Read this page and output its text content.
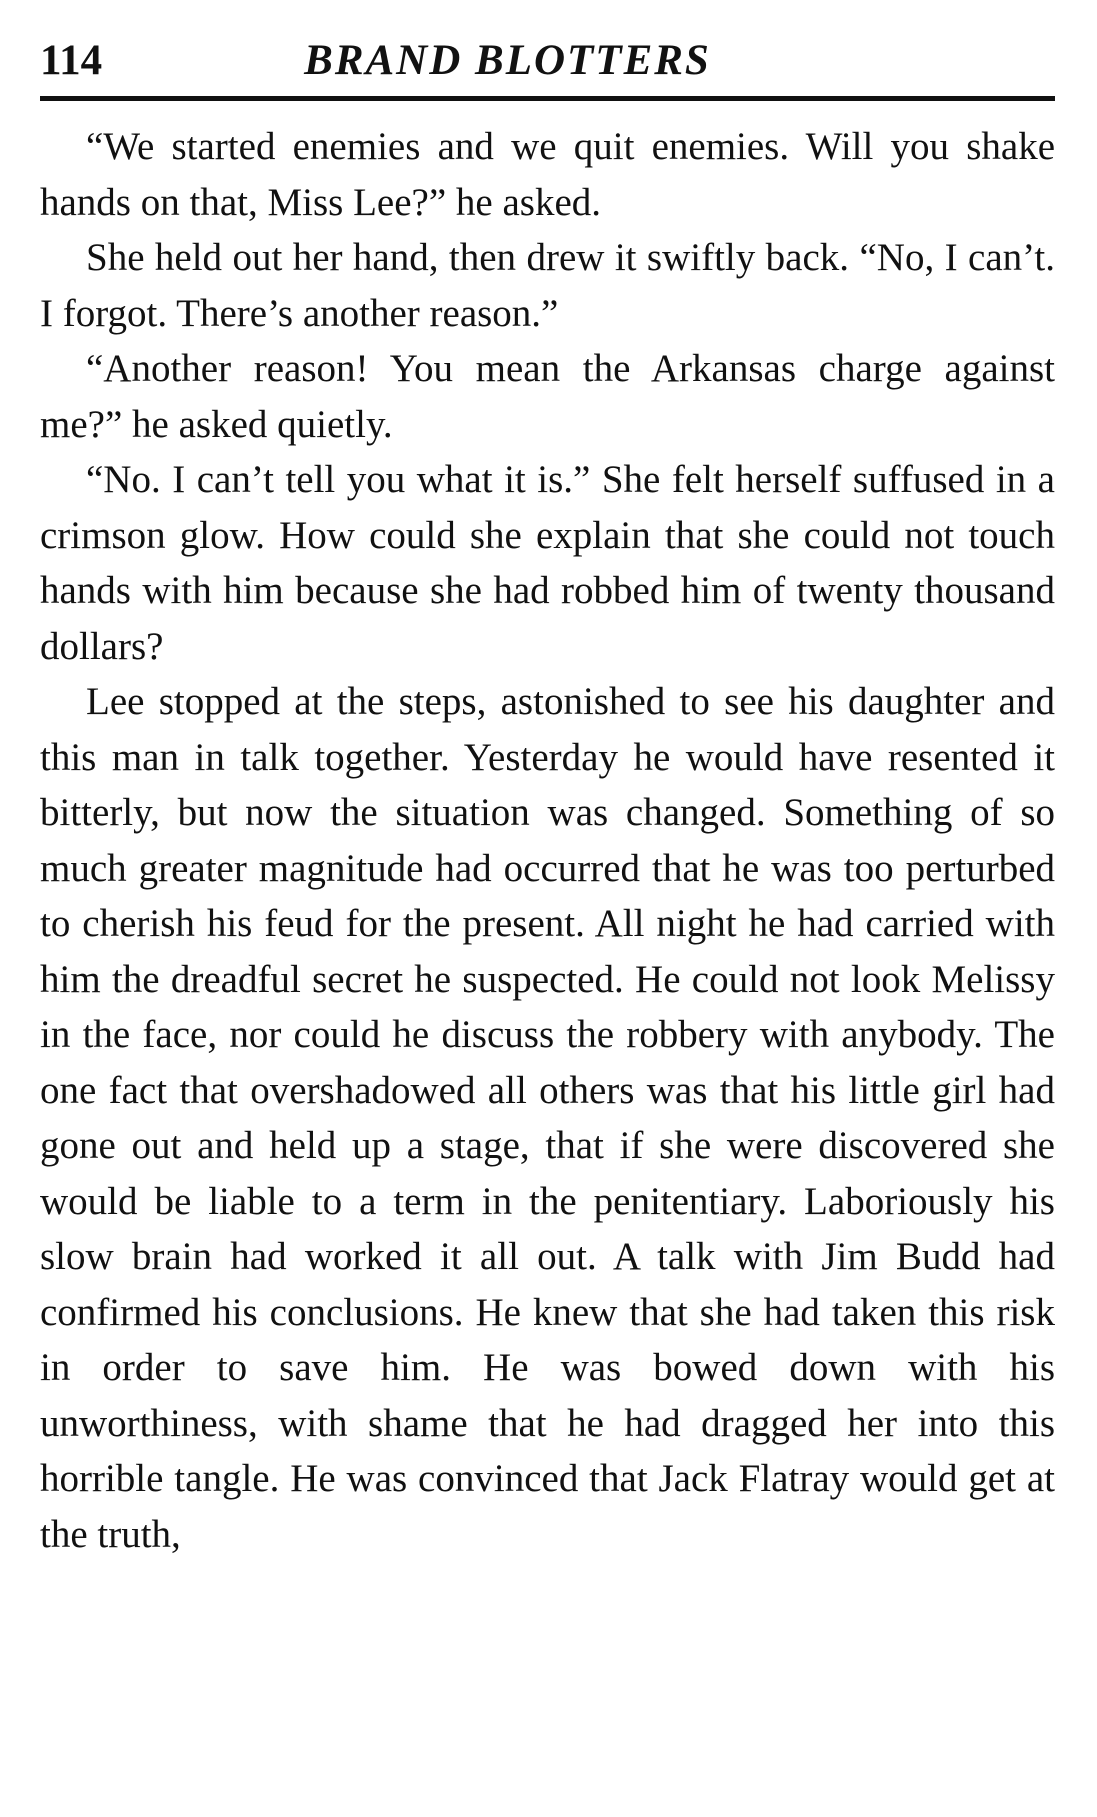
114	BRAND BLOTTERS

“We started enemies and we quit enemies. Will you shake hands on that, Miss Lee?” he asked.

She held out her hand, then drew it swiftly back. “No, I can’t. I forgot. There’s another reason.”

“Another reason! You mean the Arkansas charge against me?” he asked quietly.

“No. I can’t tell you what it is.” She felt herself suffused in a crimson glow. How could she explain that she could not touch hands with him because she had robbed him of twenty thousand dollars?

Lee stopped at the steps, astonished to see his daughter and this man in talk together. Yesterday he would have resented it bitterly, but now the situation was changed. Something of so much greater magnitude had occurred that he was too perturbed to cherish his feud for the present. All night he had carried with him the dreadful secret he suspected. He could not look Melissy in the face, nor could he discuss the robbery with anybody. The one fact that overshadowed all others was that his little girl had gone out and held up a stage, that if she were discovered she would be liable to a term in the penitentiary. Laboriously his slow brain had worked it all out. A talk with Jim Budd had confirmed his conclusions. He knew that she had taken this risk in order to save him. He was bowed down with his unworthiness, with shame that he had dragged her into this horrible tangle. He was convinced that Jack Flatray would get at the truth,
